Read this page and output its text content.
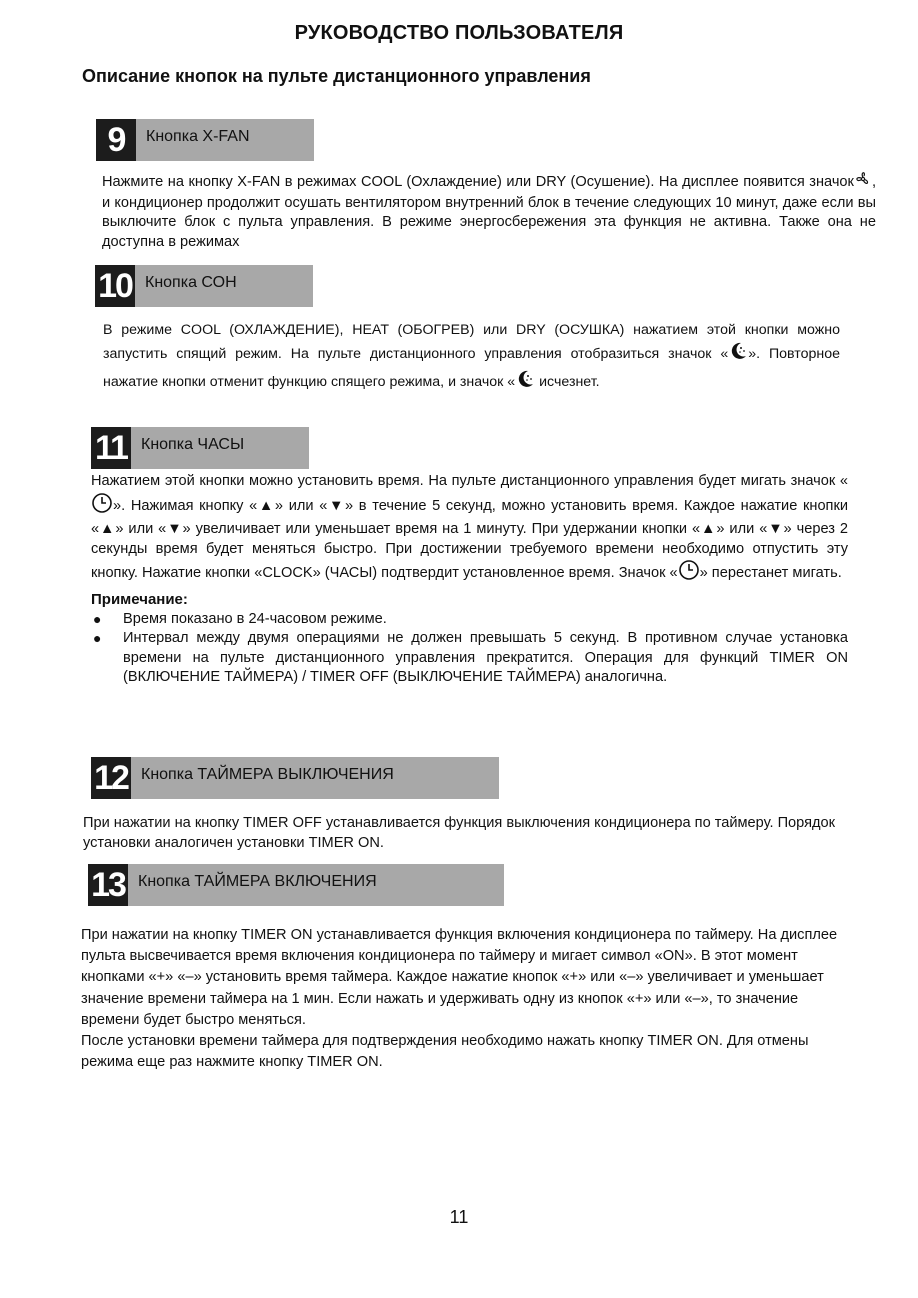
РУКОВОДСТВО ПОЛЬЗОВАТЕЛЯ
Описание кнопок на пульте дистанционного управления
9	Кнопка X-FAN
Нажмите на кнопку X-FAN в режимах COOL (Охлаждение) или DRY (Осушение). На дисплее появится значок , и кондиционер продолжит осушать вентилятором внутренний блок в течение следующих 10 минут, даже если вы выключите блок с пульта управления. В режиме энергосбережения эта функция не активна. Также она не доступна в режимах
10 Кнопка СОН
В режиме COOL (ОХЛАЖДЕНИЕ), HEAT (ОБОГРЕВ) или DRY (ОСУШКА) нажатием этой кнопки можно запустить спящий режим. На пульте дистанционного управления отобразиться значок « ». Повторное нажатие кнопки отменит функцию спящего режима, и значок « исчезнет.
11 Кнопка ЧАСЫ
Нажатием этой кнопки можно установить время. На пульте дистанционного управления будет мигать значок «». Нажимая кнопку «▲» или «▼» в течение 5 секунд, можно установить время. Каждое нажатие кнопки «▲» или «▼» увеличивает или уменьшает время на 1 минуту. При удержании кнопки «▲» или «▼» через 2 секунды время будет меняться быстро. При достижении требуемого времени необходимо отпустить эту кнопку. Нажатие кнопки «CLOCK» (ЧАСЫ) подтвердит установленное время. Значок « » перестанет мигать.
Примечание:
● Время показано в 24-часовом режиме.
● Интервал между двумя операциями не должен превышать 5 секунд. В противном случае установка времени на пульте дистанционного управления прекратится. Операция для функций TIMER ON (ВКЛЮЧЕНИЕ ТАЙМЕРА) / TIMER OFF (ВЫКЛЮЧЕНИЕ ТАЙМЕРА) аналогична.
12 Кнопка ТАЙМЕРА ВЫКЛЮЧЕНИЯ
При нажатии на кнопку TIMER OFF устанавливается функция выключения кондиционера по таймеру. Порядок установки аналогичен установки TIMER ON.
13 Кнопка ТАЙМЕРА ВКЛЮЧЕНИЯ

При нажатии на кнопку TIMER ON устанавливается функция включения кондиционера по таймеру. На дисплее пульта высвечивается время включения кондиционера по таймеру и мигает символ «ON». В этот момент кнопками «+» «–» установить время таймера. Каждое нажатие кнопок «+» или «–» увеличивает и уменьшает значение времени таймера на 1 мин. Если нажать и удерживать одну из кнопок «+» или «–», то значение времени будет быстро меняться.

После установки времени таймера для подтверждения необходимо нажать кнопку TIMER ON. Для отмены режима еще раз нажмите кнопку TIMER ON.

11
